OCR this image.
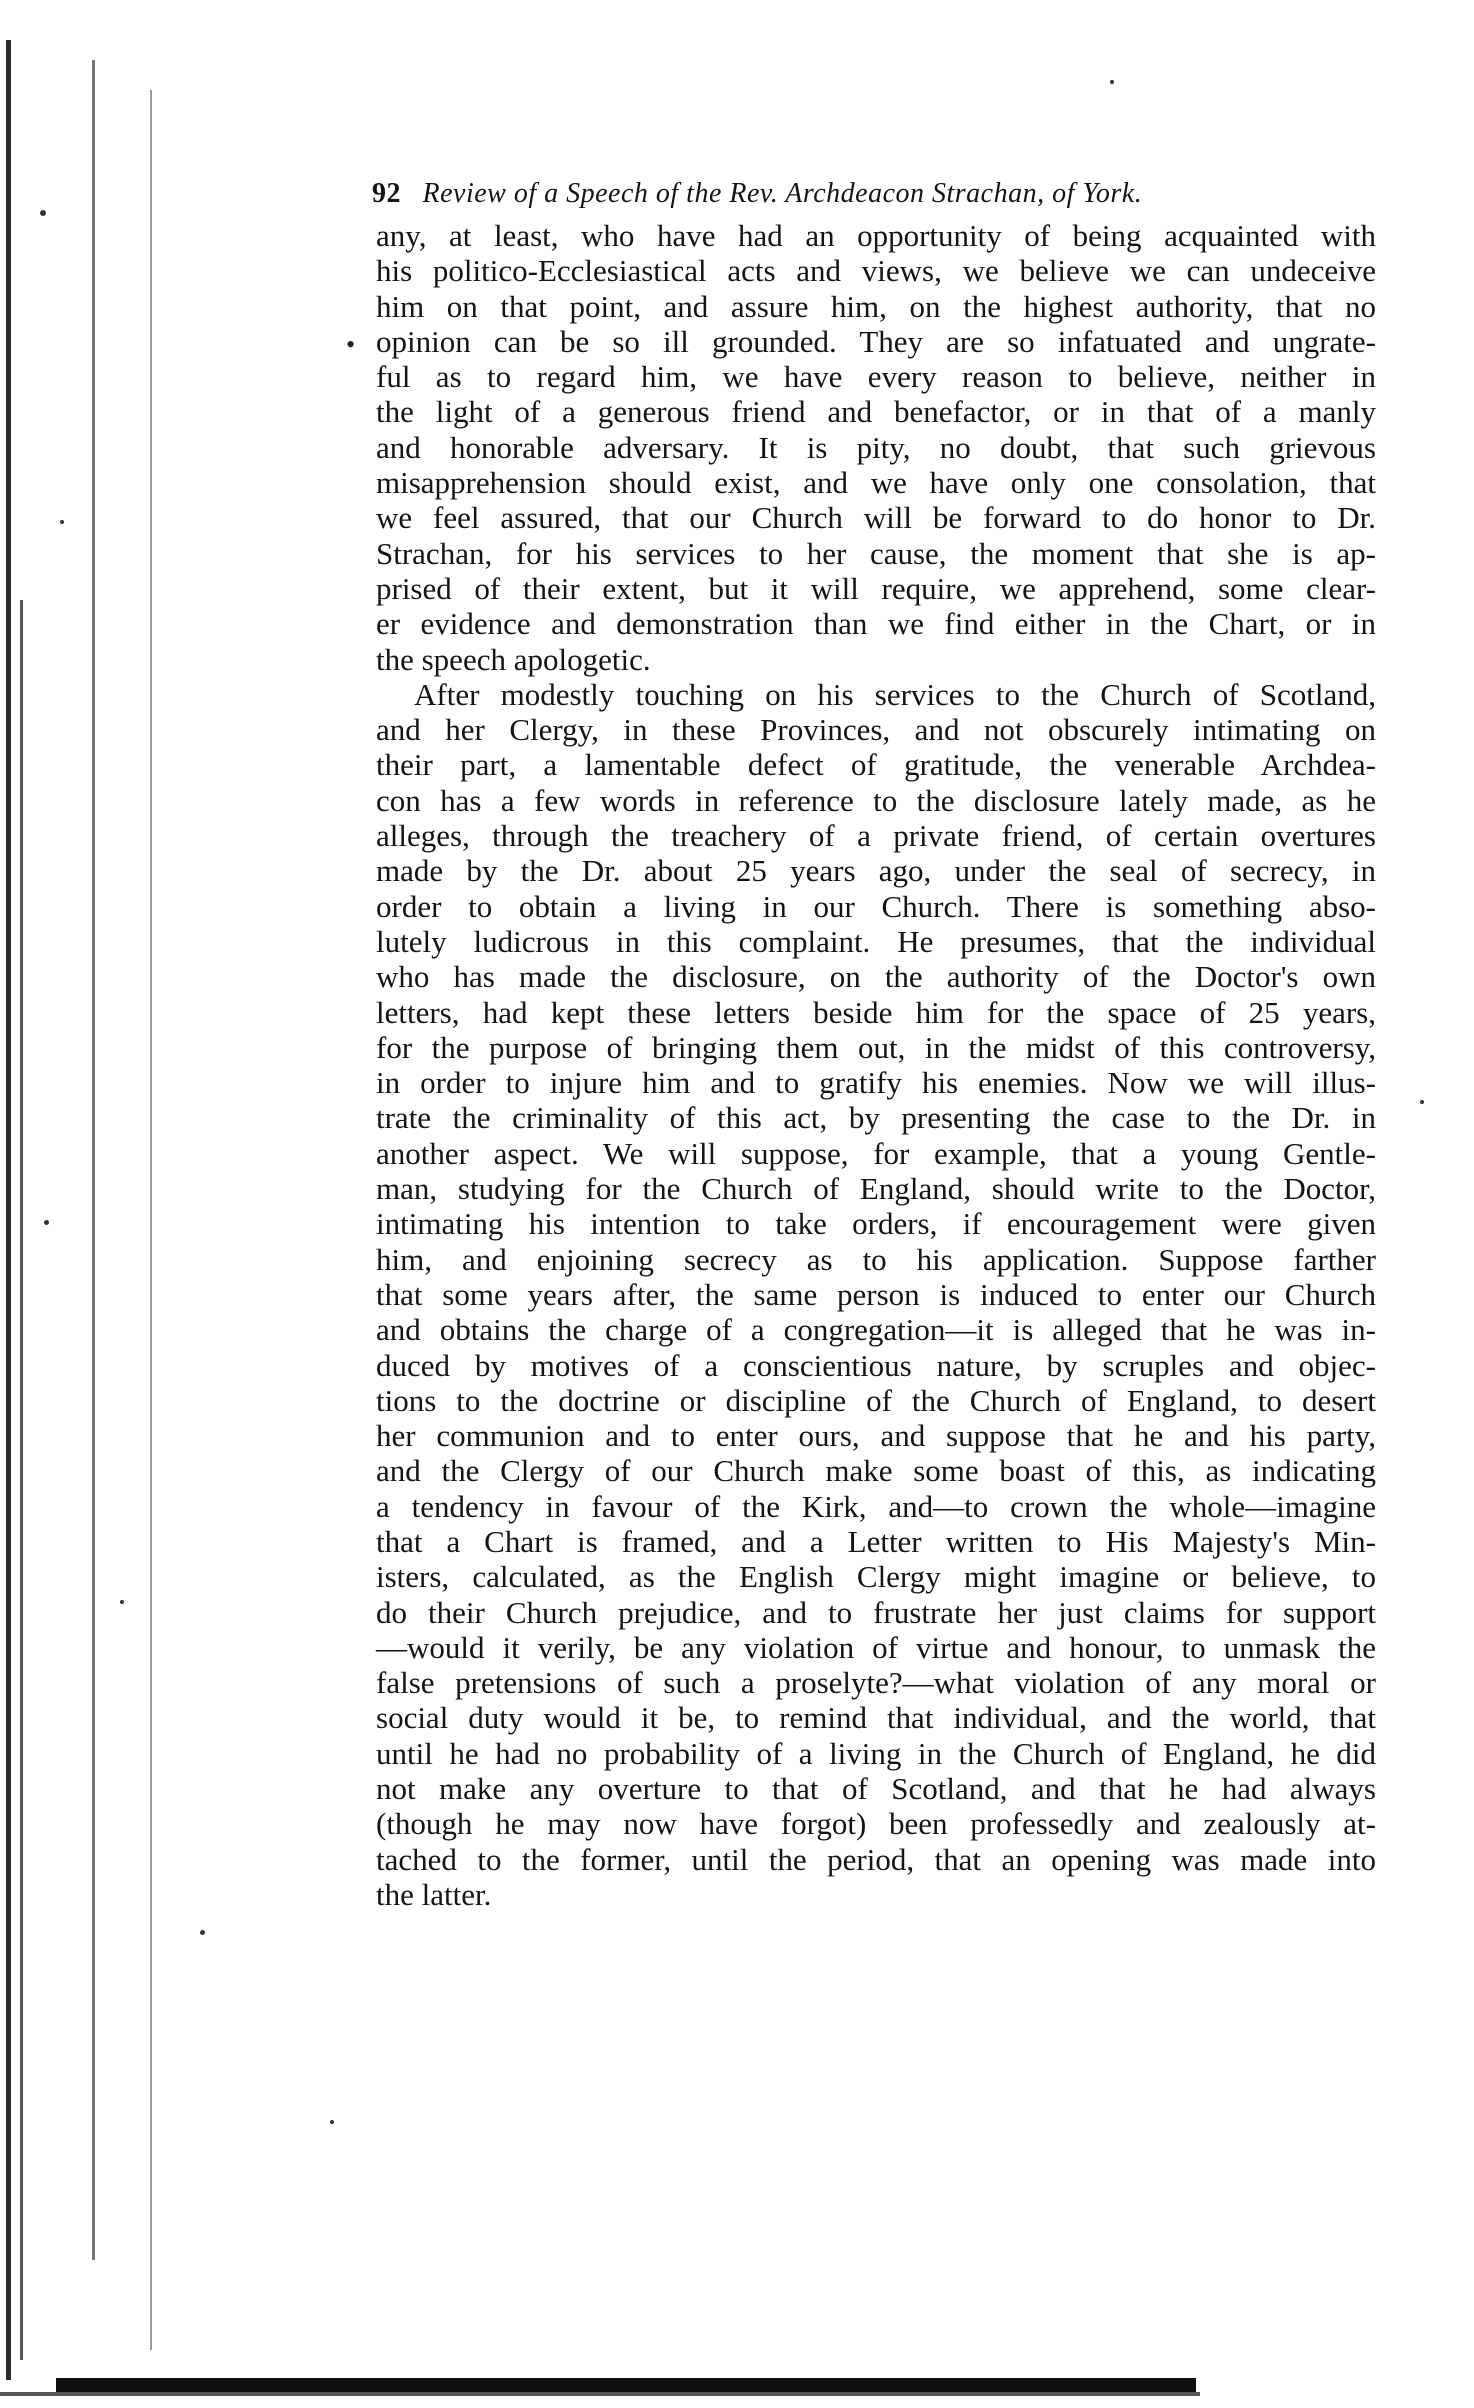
•
92 Review of a Speech of the Rev. Archdeacon Strachan, of York.
any, at least, who have had an opportunity of being acquainted with
his politico-Ecclesiastical acts and views, we believe we can undeceive
him on that point, and assure him, on the highest authority, that no
opinion can be so ill grounded. They are so infatuated and ungrate-
ful as to regard him, we have every reason to believe, neither in
the light of a generous friend and benefactor, or in that of a manly
and honorable adversary. It is pity, no doubt, that such grievous
misapprehension should exist, and we have only one consolation, that
we feel assured, that our Church will be forward to do honor to Dr.
Strachan, for his services to her cause, the moment that she is ap-
prised of their extent, but it will require, we apprehend, some clear-
er evidence and demonstration than we find either in the Chart, or in
the speech apologetic.
After modestly touching on his services to the Church of Scotland,
and her Clergy, in these Provinces, and not obscurely intimating on
their part, a lamentable defect of gratitude, the venerable Archdea-
con has a few words in reference to the disclosure lately made, as he
alleges, through the treachery of a private friend, of certain overtures
made by the Dr. about 25 years ago, under the seal of secrecy, in
order to obtain a living in our Church. There is something abso-
lutely ludicrous in this complaint. He presumes, that the individual
who has made the disclosure, on the authority of the Doctor's own
letters, had kept these letters beside him for the space of 25 years,
for the purpose of bringing them out, in the midst of this controversy,
in order to injure him and to gratify his enemies. Now we will illus-
trate the criminality of this act, by presenting the case to the Dr. in
another aspect. We will suppose, for example, that a young Gentle-
man, studying for the Church of England, should write to the Doctor,
intimating his intention to take orders, if encouragement were given
him, and enjoining secrecy as to his application. Suppose farther
that some years after, the same person is induced to enter our Church
and obtains the charge of a congregation—it is alleged that he was in-
duced by motives of a conscientious nature, by scruples and objec-
tions to the doctrine or discipline of the Church of England, to desert
her communion and to enter ours, and suppose that he and his party,
and the Clergy of our Church make some boast of this, as indicating
a tendency in favour of the Kirk, and—to crown the whole—imagine
that a Chart is framed, and a Letter written to His Majesty's Min-
isters, calculated, as the English Clergy might imagine or believe, to
do their Church prejudice, and to frustrate her just claims for support
—would it verily, be any violation of virtue and honour, to unmask the
false pretensions of such a proselyte?—what violation of any moral or
social duty would it be, to remind that individual, and the world, that
until he had no probability of a living in the Church of England, he did
not make any overture to that of Scotland, and that he had always
(though he may now have forgot) been professedly and zealously at-
tached to the former, until the period, that an opening was made into
the latter.
